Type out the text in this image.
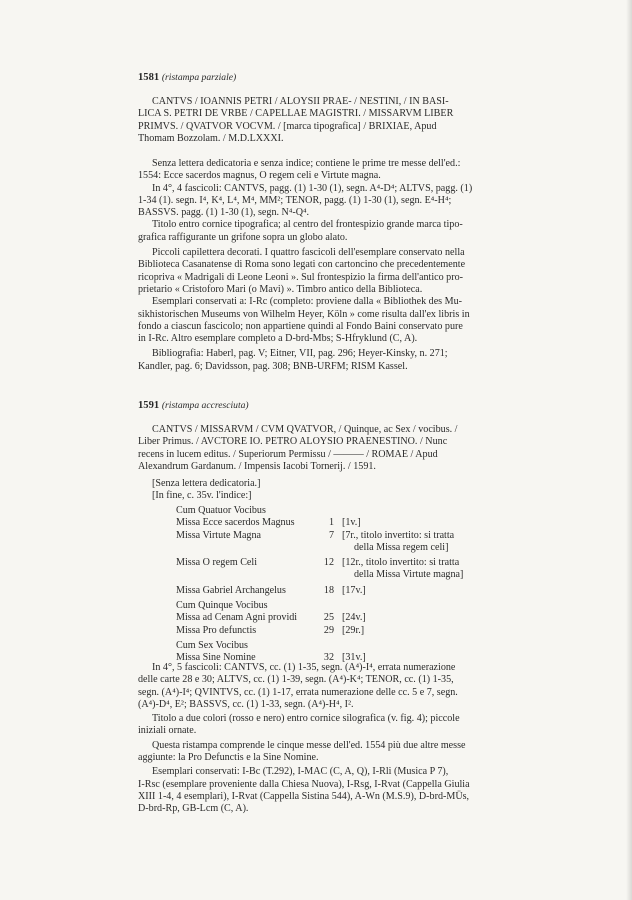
1581 (ristampa parziale)

CANTVS / IOANNIS PETRI / ALOYSII PRAE- / NESTINI, / IN BASI-

LICA S. PETRI DE VRBE / CAPELLAE MAGISTRI. / MISSARVM LIBER

PRIMVS. / QVATVOR VOCVM. / [marca tipografica] / BRIXIAE, Apud

Thomam Bozzolam. / M.D.LXXXI.

Senza lettera dedicatoria e senza indice; contiene le prime tre messe dell'ed.:

1554: Ecce sacerdos magnus, O regem celi e Virtute magna.

In 4°, 4 fascicoli: CANTVS, pagg. (1) 1-30 (1), segn. A⁴-D⁴; ALTVS, pagg. (1)

1-34 (1). segn. I⁴, K⁴, L⁴, M⁴, MM²; TENOR, pagg. (1) 1-30 (1), segn. E⁴-H⁴;

BASSVS. pagg. (1) 1-30 (1), segn. N⁴-Q⁴.

Titolo entro cornice tipografica; al centro del frontespizio grande marca tipo-

grafica raffigurante un grifone sopra un globo alato.

Piccoli capilettera decorati. I quattro fascicoli dell'esemplare conservato nella

Biblioteca Casanatense di Roma sono legati con cartoncino che precedentemente

ricopriva « Madrigali di Leone Leoni ». Sul frontespizio la firma dell'antico pro-

prietario « Cristoforo Mari (o Mavi) ». Timbro antico della Biblioteca.

Esemplari conservati a: I-Rc (completo: proviene dalla « Bibliothek des Mu-

sikhistorischen Museums von Wilhelm Heyer, Köln » come risulta dall'ex libris in

fondo a ciascun fascicolo; non appartiene quindi al Fondo Baini conservato pure

in I-Rc. Altro esemplare completo a D-brd-Mbs; S-Hfryklund (C, A).

Bibliografia: Haberl, pag. V; Eitner, VII, pag. 296; Heyer-Kinsky, n. 271;

Kandler, pag. 6; Davidsson, pag. 308; BNB-URFM; RISM Kassel.

1591 (ristampa accresciuta)

CANTVS / MISSARVM / CVM QVATVOR, / Quinque, ac Sex / vocibus. /

Liber Primus. / AVCTORE IO. PETRO ALOYSIO PRAENESTINO. / Nunc

recens in lucem editus. / Superiorum Permissu / ——— / ROMAE / Apud

Alexandrum Gardanum. / Impensis Iacobi Tornerij. / 1591.

[Senza lettera dedicatoria.]

[In fine, c. 35v. l'indice:]

Cum Quatuor Vocibus
Missa Ecce sacerdos Magnus	1 [1v.]
Missa Virtute Magna	7 [7r., titolo invertito: si tratta
della Missa regem celi]
Missa O regem Celi	12 [12r., titolo invertito: si tratta
della Missa Virtute magna]
Missa Gabriel Archangelus	18 [17v.]
Cum Quinque Vocibus
Missa ad Cenam Agni providi	25 [24v.]
Missa Pro defunctis	29 [29r.]
Cum Sex Vocibus
Missa Sine Nomine	32 [31v.]

In 4°, 5 fascicoli: CANTVS, cc. (1) 1-35, segn. (A⁴)-I⁴, errata numerazione

delle carte 28 e 30; ALTVS, cc. (1) 1-39, segn. (A⁴)-K⁴; TENOR, cc. (1) 1-35,

segn. (A⁴)-I⁴; QVINTVS, cc. (1) 1-17, errata numerazione delle cc. 5 e 7, segn.

(A⁴)-D⁴, E²; BASSVS, cc. (1) 1-33, segn. (A⁴)-H⁴, I².

Titolo a due colori (rosso e nero) entro cornice silografica (v. fig. 4); piccole

iniziali ornate.

Questa ristampa comprende le cinque messe dell'ed. 1554 più due altre messe

aggiunte: la Pro Defunctis e la Sine Nomine.

Esemplari conservati: I-Bc (T.292), I-MAC (C, A, Q), I-Rli (Musica P 7),

I-Rsc (esemplare proveniente dalla Chiesa Nuova), I-Rsg, I-Rvat (Cappella Giulia

XIII 1-4, 4 esemplari), I-Rvat (Cappella Sistina 544), A-Wn (M.S.9), D-brd-MÜs,

D-brd-Rp, GB-Lcm (C, A).
